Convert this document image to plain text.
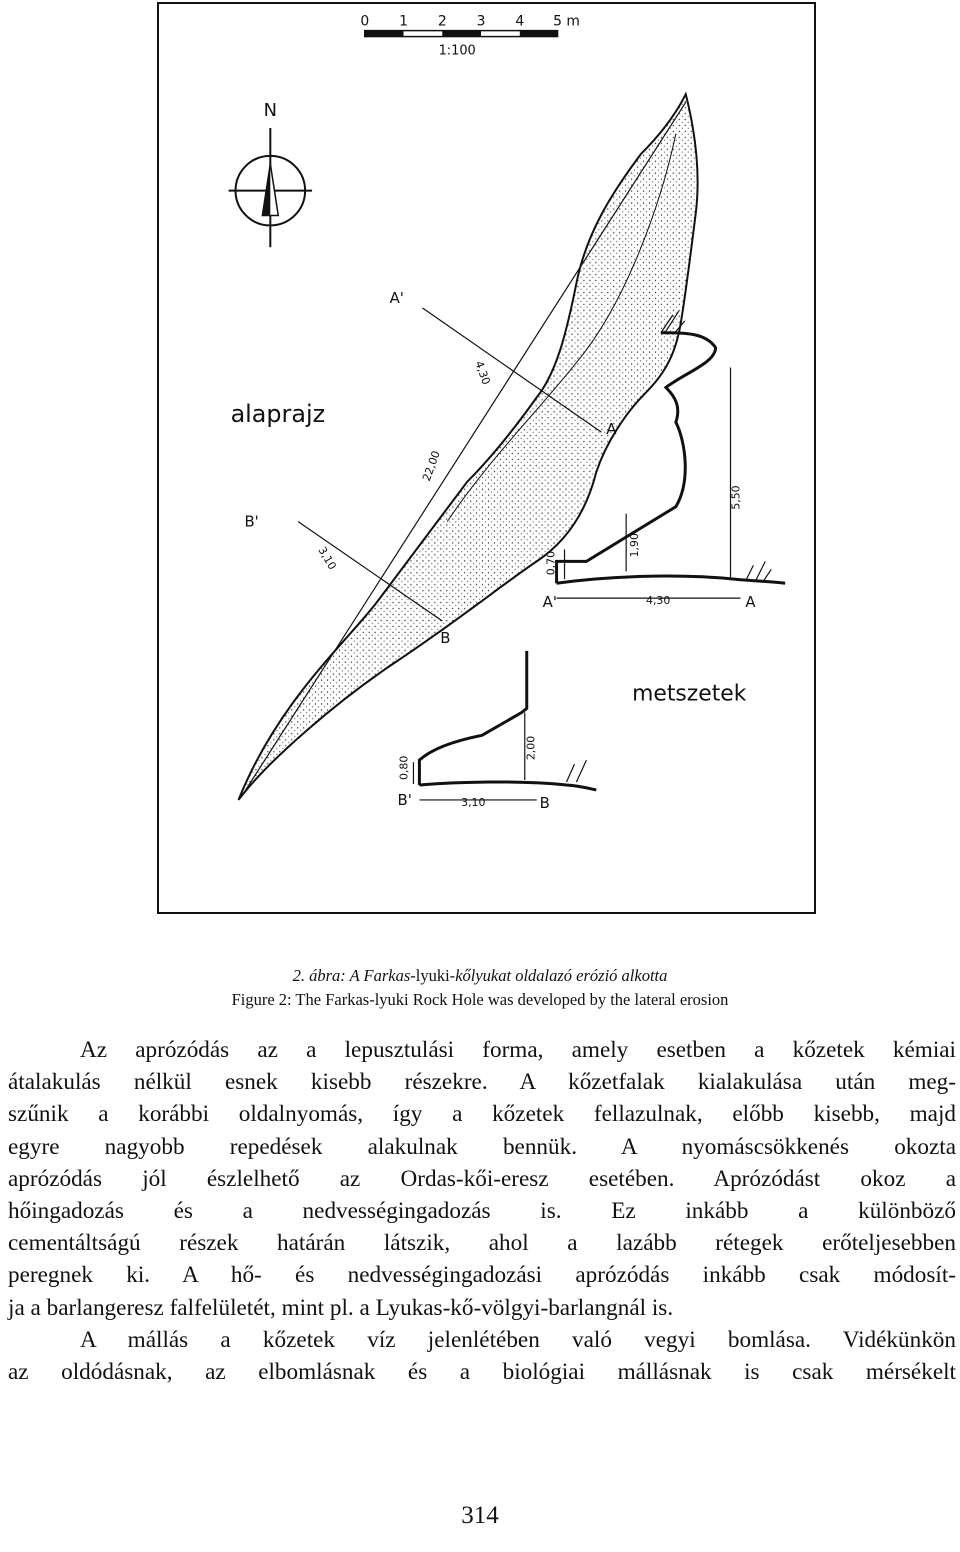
0 1 2 3 4 5 m
1:100
N
A'
A
B'
B
4,30
22,00
3,10
alaprajz
5,50
1,90
0,70
4,30
A'	A
metszetek
2,00
0,80
3,10
B'	B
2. ábra: A Farkas-lyuki-kőlyukat oldalazó erózió alkotta
Figure 2: The Farkas-lyuki Rock Hole was developed by the lateral erosion
Az aprózódás az a lepusztulási forma, amely esetben a kőzetek kémiai
átalakulás nélkül esnek kisebb részekre. A kőzetfalak kialakulása után meg-
szűnik a korábbi oldalnyomás, így a kőzetek fellazulnak, előbb kisebb, majd
egyre nagyobb repedések alakulnak bennük. A nyomáscsökkenés okozta
aprózódás jól észlelhető az Ordas-kői-eresz esetében. Aprózódást okoz a
hőingadozás és a nedvességingadozás is. Ez inkább a különböző
cementáltságú részek határán látszik, ahol a lazább rétegek erőteljesebben
peregnek ki. A hő- és nedvességingadozási aprózódás inkább csak módosít-
ja a barlangeresz falfelületét, mint pl. a Lyukas-kő-völgyi-barlangnál is.
A mállás a kőzetek víz jelenlétében való vegyi bomlása. Vidékünkön
az oldódásnak, az elbomlásnak és a biológiai mállásnak is csak mérsékelt
314
